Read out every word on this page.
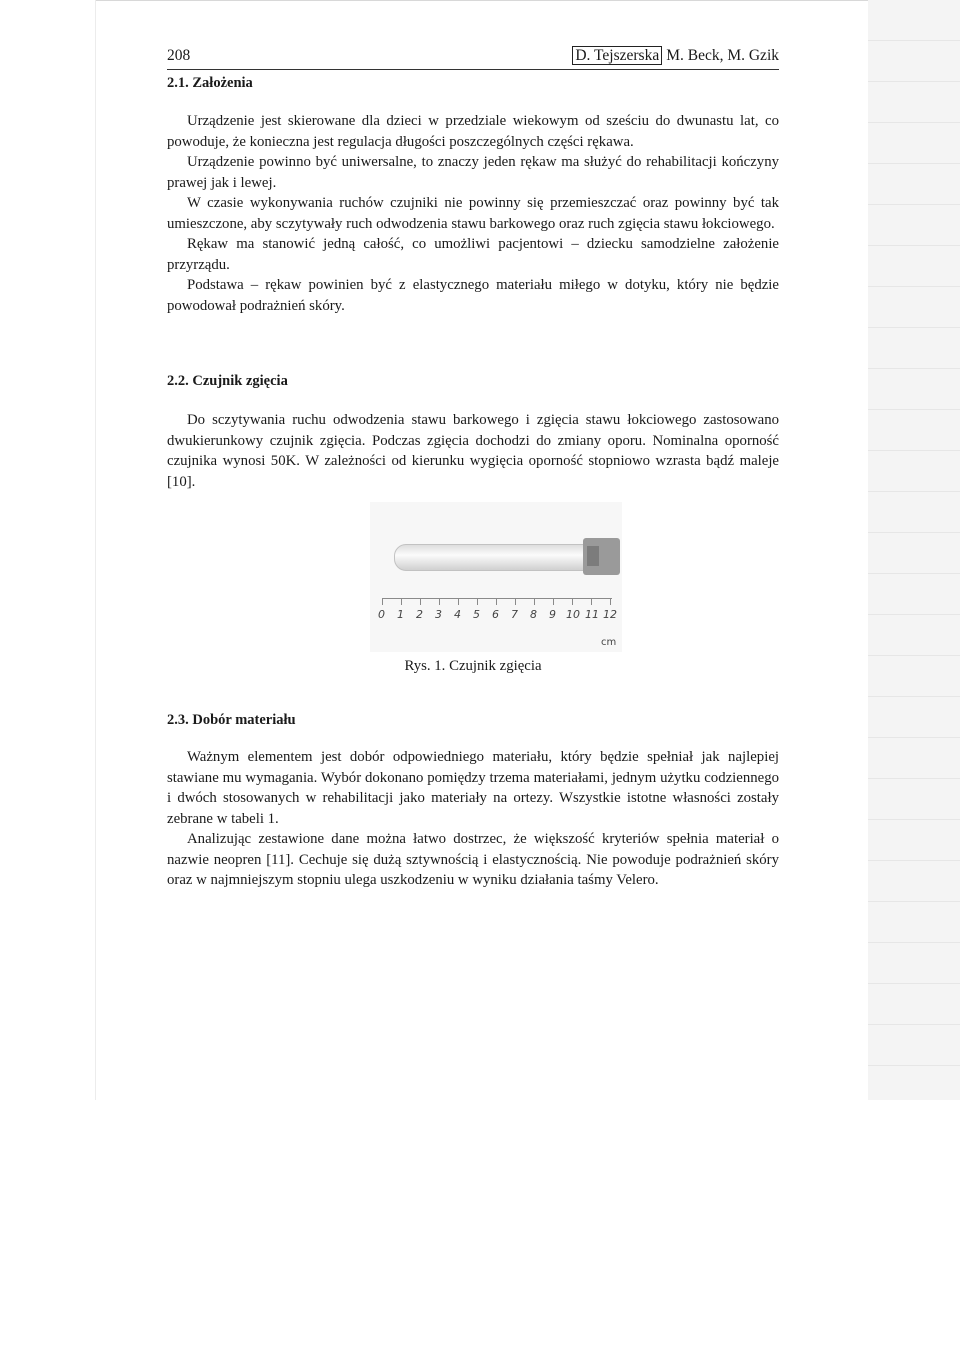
208	D. Tejszerska M. Beck, M. Gzik
2.1. Założenia

Urządzenie jest skierowane dla dzieci w przedziale wiekowym od sześciu do dwunastu lat, co powoduje, że konieczna jest regulacja długości poszczególnych części rękawa.

Urządzenie powinno być uniwersalne, to znaczy jeden rękaw ma służyć do rehabilitacji kończyny prawej jak i lewej.

W czasie wykonywania ruchów czujniki nie powinny się przemieszczać oraz powinny być tak umieszczone, aby sczytywały ruch odwodzenia stawu barkowego oraz ruch zgięcia stawu łokciowego.

Rękaw ma stanowić jedną całość, co umożliwi pacjentowi – dziecku samodzielne założenie przyrządu.

Podstawa – rękaw powinien być z elastycznego materiału miłego w dotyku, który nie będzie powodował podrażnień skóry.

2.2. Czujnik zgięcia

Do sczytywania ruchu odwodzenia stawu barkowego i zgięcia stawu łokciowego zastosowano dwukierunkowy czujnik zgięcia. Podczas zgięcia dochodzi do zmiany oporu. Nominalna oporność czujnika wynosi 50K. W zależności od kierunku wygięcia oporność stopniowo wzrasta bądź maleje [10].

0 1 2 3 4 5 6 7 8 9 10 11 12
cm
Rys. 1. Czujnik zgięcia
2.3. Dobór materiału

Ważnym elementem jest dobór odpowiedniego materiału, który będzie spełniał jak najlepiej stawiane mu wymagania. Wybór dokonano pomiędzy trzema materiałami, jednym użytku codziennego i dwóch stosowanych w rehabilitacji jako materiały na ortezy. Wszystkie istotne własności zostały zebrane w tabeli 1.

Analizując zestawione dane można łatwo dostrzec, że większość kryteriów spełnia materiał o nazwie neopren [11]. Cechuje się dużą sztywnością i elastycznością. Nie powoduje podrażnień skóry oraz w najmniejszym stopniu ulega uszkodzeniu w wyniku działania taśmy Velero.
